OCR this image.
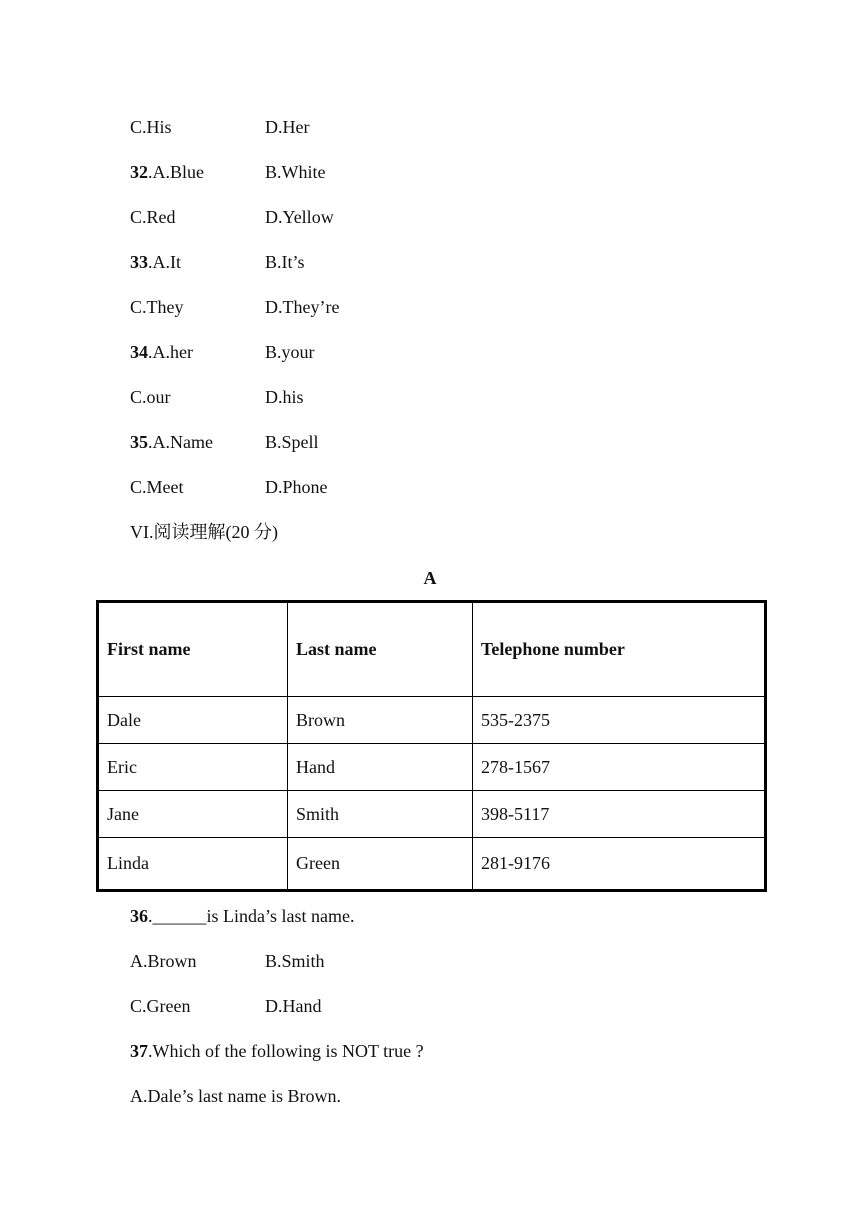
C.His	D.Her
32.A.Blue	B.White
C.Red	D.Yellow
33.A.It	B.It’s
C.They	D.They’re
34.A.her	B.your
C.our	D.his
35.A.Name	B.Spell
C.Meet	D.Phone
VI.阅读理解(20 分)
A
First name	Last name	Telephone number
Dale	Brown	535-2375
Eric	Hand	278-1567
Jane	Smith	398-5117
Linda	Green	281-9176
36.______is Linda’s last name.
A.Brown	B.Smith
C.Green	D.Hand
37.Which of the following is NOT true ?
A.Dale’s last name is Brown.
